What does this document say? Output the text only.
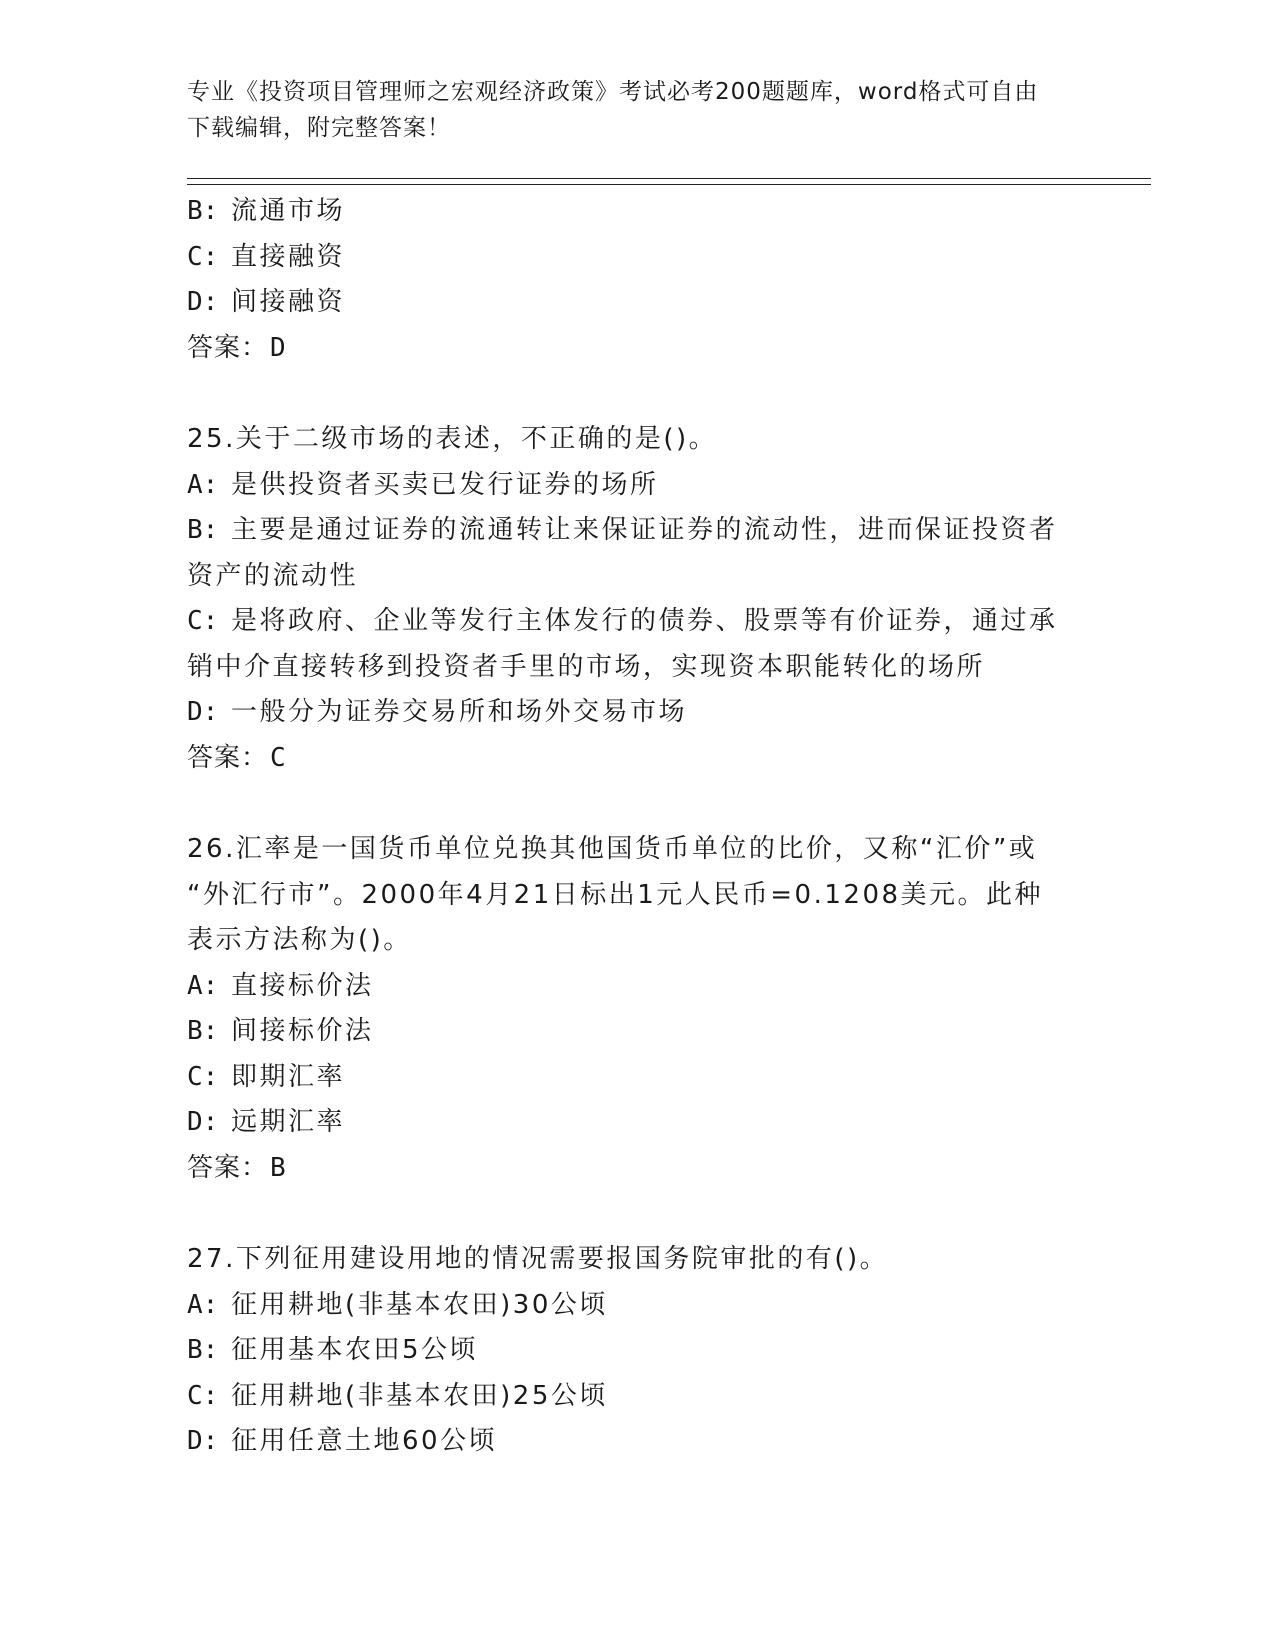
专业《投资项目管理师之宏观经济政策》考试必考200题题库，word格式可自由
下载编辑，附完整答案！
B: 流通市场
C: 直接融资
D: 间接融资
答案：D
25.关于二级市场的表述，不正确的是()。
A: 是供投资者买卖已发行证券的场所
B: 主要是通过证券的流通转让来保证证券的流动性，进而保证投资者
资产的流动性
C: 是将政府、企业等发行主体发行的债券、股票等有价证券，通过承
销中介直接转移到投资者手里的市场，实现资本职能转化的场所
D: 一般分为证券交易所和场外交易市场
答案：C
26.汇率是一国货币单位兑换其他国货币单位的比价，又称“汇价”或
“外汇行市”。2000年4月21日标出1元人民币=0.1208美元。此种
表示方法称为()。
A: 直接标价法
B: 间接标价法
C: 即期汇率
D: 远期汇率
答案：B
27.下列征用建设用地的情况需要报国务院审批的有()。
A: 征用耕地(非基本农田)30公顷
B: 征用基本农田5公顷
C: 征用耕地(非基本农田)25公顷
D: 征用任意土地60公顷
